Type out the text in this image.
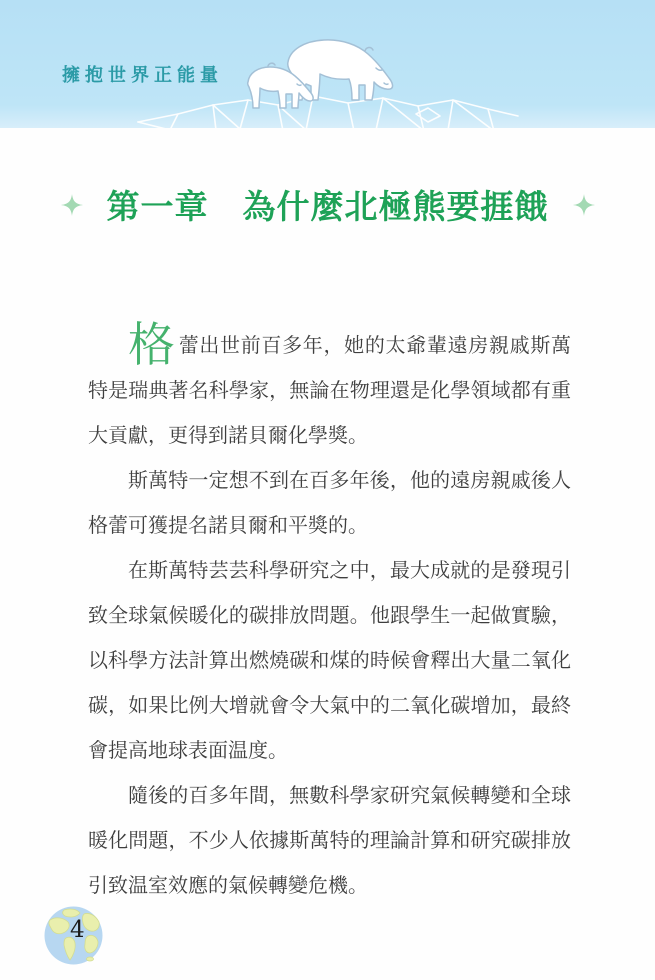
擁抱世界正能量
第一章　為什麼北極熊要捱餓

格蕾出世前百多年，她的太爺輩遠房親戚斯萬特是瑞典著名科學家，無論在物理還是化學領域都有重大貢獻，更得到諾貝爾化學獎。

斯萬特一定想不到在百多年後，他的遠房親戚後人格蕾可獲提名諾貝爾和平獎的。

在斯萬特芸芸科學研究之中，最大成就的是發現引致全球氣候暖化的碳排放問題。他跟學生一起做實驗，以科學方法計算出燃燒碳和煤的時候會釋出大量二氧化碳，如果比例大增就會令大氣中的二氧化碳增加，最終會提高地球表面温度。

隨後的百多年間，無數科學家研究氣候轉變和全球暖化問題，不少人依據斯萬特的理論計算和研究碳排放引致温室效應的氣候轉變危機。

4
